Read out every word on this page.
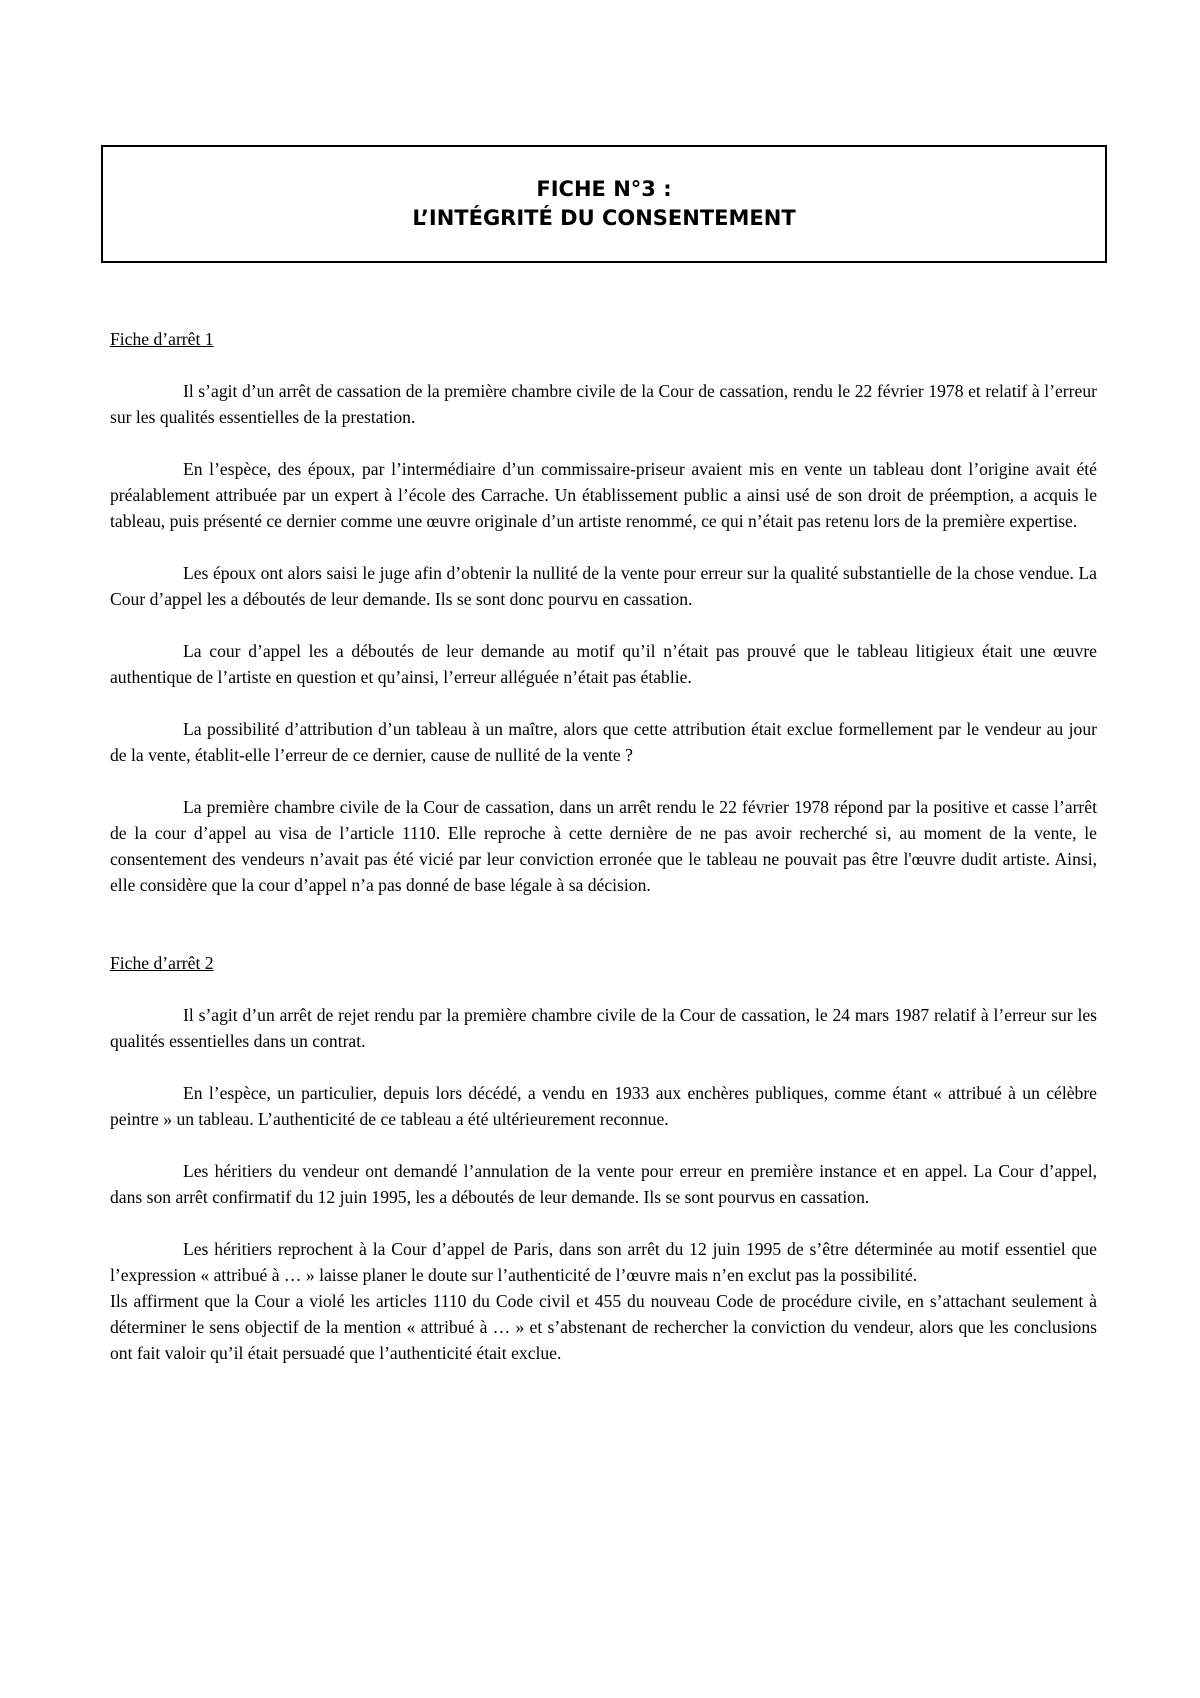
FICHE N°3 :
L’INTÉGRITÉ DU CONSENTEMENT
Fiche d’arrêt 1

Il s’agit d’un arrêt de cassation de la première chambre civile de la Cour de cassation, rendu le 22 février 1978 et relatif à l’erreur sur les qualités essentielles de la prestation.

En l’espèce, des époux, par l’intermédiaire d’un commissaire-priseur avaient mis en vente un tableau dont l’origine avait été préalablement attribuée par un expert à l’école des Carrache. Un établissement public a ainsi usé de son droit de préemption, a acquis le tableau, puis présenté ce dernier comme une œuvre originale d’un artiste renommé, ce qui n’était pas retenu lors de la première expertise.

Les époux ont alors saisi le juge afin d’obtenir la nullité de la vente pour erreur sur la qualité substantielle de la chose vendue. La Cour d’appel les a déboutés de leur demande. Ils se sont donc pourvu en cassation.

La cour d’appel les a déboutés de leur demande au motif qu’il n’était pas prouvé que le tableau litigieux était une œuvre authentique de l’artiste en question et qu’ainsi, l’erreur alléguée n’était pas établie.

La possibilité d’attribution d’un tableau à un maître, alors que cette attribution était exclue formellement par le vendeur au jour de la vente, établit-elle l’erreur de ce dernier, cause de nullité de la vente ?

La première chambre civile de la Cour de cassation, dans un arrêt rendu le 22 février 1978 répond par la positive et casse l’arrêt de la cour d’appel au visa de l’article 1110. Elle reproche à cette dernière de ne pas avoir recherché si, au moment de la vente, le consentement des vendeurs n’avait pas été vicié par leur conviction erronée que le tableau ne pouvait pas être l'œuvre dudit artiste. Ainsi, elle considère que la cour d’appel n’a pas donné de base légale à sa décision.

Fiche d’arrêt 2

Il s’agit d’un arrêt de rejet rendu par la première chambre civile de la Cour de cassation, le 24 mars 1987 relatif à l’erreur sur les qualités essentielles dans un contrat.

En l’espèce, un particulier, depuis lors décédé, a vendu en 1933 aux enchères publiques, comme étant « attribué à un célèbre peintre » un tableau. L’authenticité de ce tableau a été ultérieurement reconnue.

Les héritiers du vendeur ont demandé l’annulation de la vente pour erreur en première instance et en appel. La Cour d’appel, dans son arrêt confirmatif du 12 juin 1995, les a déboutés de leur demande. Ils se sont pourvus en cassation.

Les héritiers reprochent à la Cour d’appel de Paris, dans son arrêt du 12 juin 1995 de s’être déterminée au motif essentiel que l’expression « attribué à … » laisse planer le doute sur l’authenticité de l’œuvre mais n’en exclut pas la possibilité.

Ils affirment que la Cour a violé les articles 1110 du Code civil et 455 du nouveau Code de procédure civile, en s’attachant seulement à déterminer le sens objectif de la mention « attribué à … » et s’abstenant de rechercher la conviction du vendeur, alors que les conclusions ont fait valoir qu’il était persuadé que l’authenticité était exclue.
